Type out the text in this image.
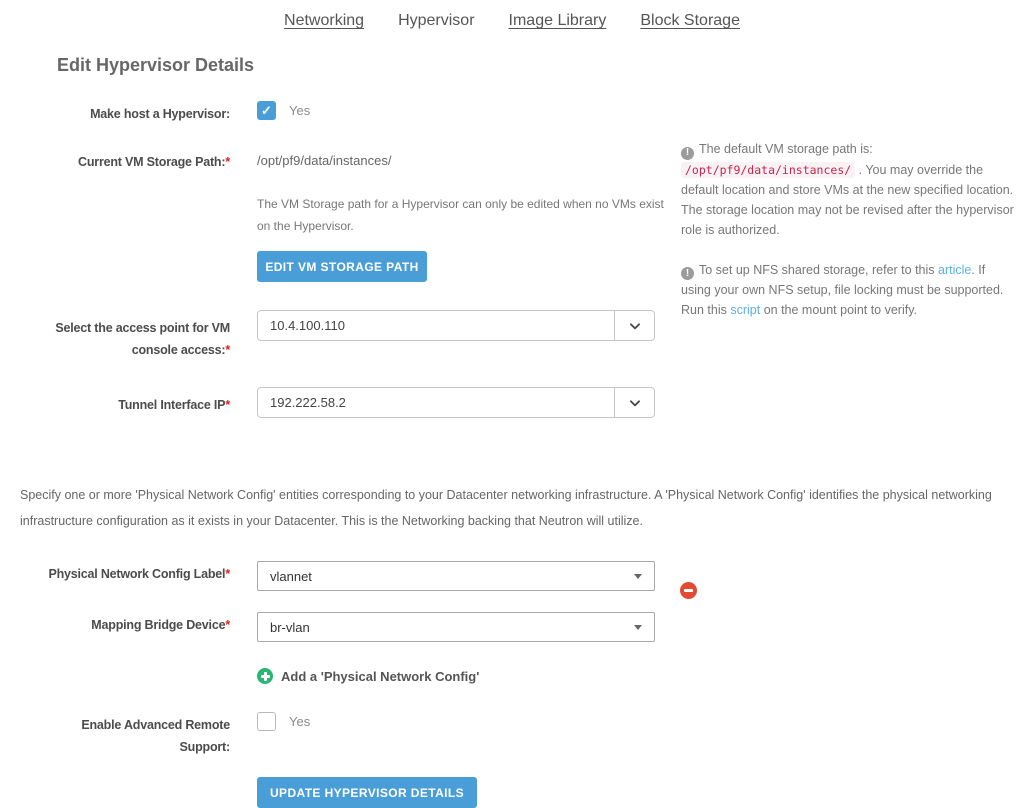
Networking Hypervisor Image Library Block Storage
Edit Hypervisor Details
Make host a Hypervisor: ✓ Yes
Current VM Storage Path:* /opt/pf9/data/instances/
The VM Storage path for a Hypervisor can only be edited when no VMs exist on the Hypervisor.
EDIT VM STORAGE PATH
Select the access point for VM
console access:*
10.4.100.110
Tunnel Interface IP*	192.222.58.2

! The default VM storage path is: /opt/pf9/data/instances/ . You may override the default location and store VMs at the new specified location. The storage location may not be revised after the hypervisor role is authorized.

! To set up NFS shared storage, refer to this article. If using your own NFS setup, file locking must be supported. Run this script on the mount point to verify.

Specify one or more 'Physical Network Config' entities corresponding to your Datacenter networking infrastructure. A 'Physical Network Config' identifies the physical networking infrastructure configuration as it exists in your Datacenter. This is the Networking backing that Neutron will utilize.

Physical Network Config Label*	vlannet
Mapping Bridge Device*	br-vlan
Add a 'Physical Network Config'
Enable Advanced Remote
Support:
Yes
UPDATE HYPERVISOR DETAILS
